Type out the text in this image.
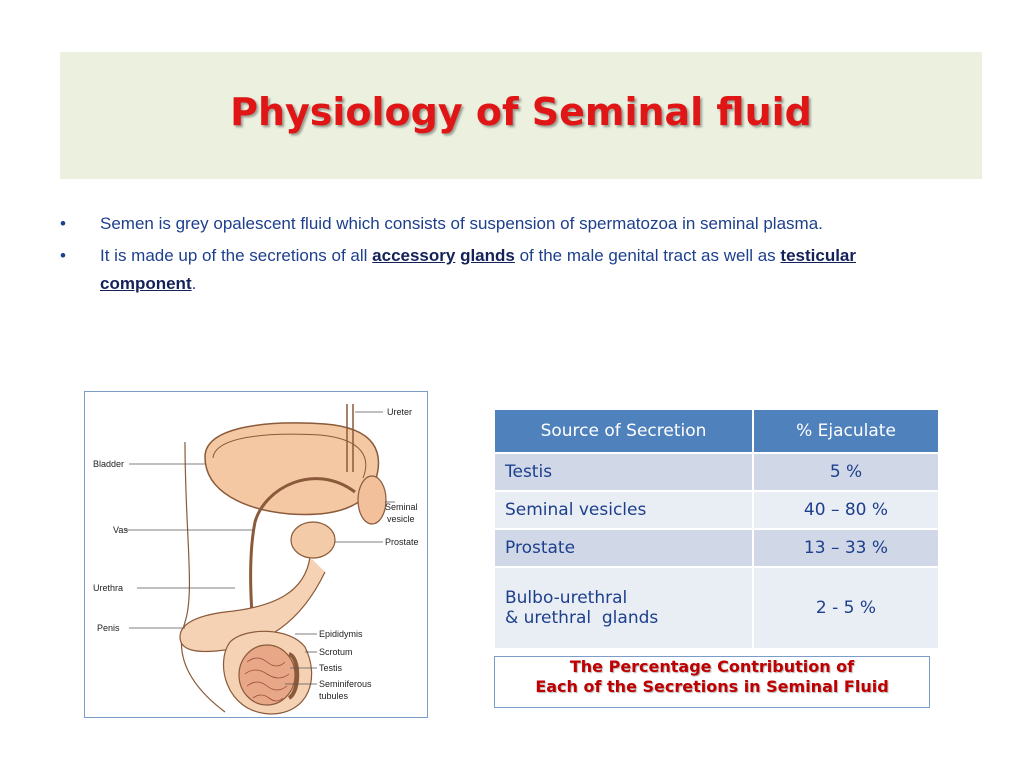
Physiology of Seminal fluid
• Semen is grey opalescent fluid which consists of suspension of spermatozoa in seminal plasma.
• It is made up of the secretions of all accessory glands of the male genital tract as well as testicular component.
Ureter
Bladder
Seminal
vesicle
Vas
Prostate
Urethra
Penis
Epididymis
Scrotum
Testis
Seminiferous
tubules
Source of Secretion	% Ejaculate
Testis	5 %
Seminal vesicles	40 – 80 %
Prostate	13 – 33 %

Bulbo-urethral
& urethral  glands	2 - 5 %
The Percentage Contribution of
Each of the Secretions in Seminal Fluid
